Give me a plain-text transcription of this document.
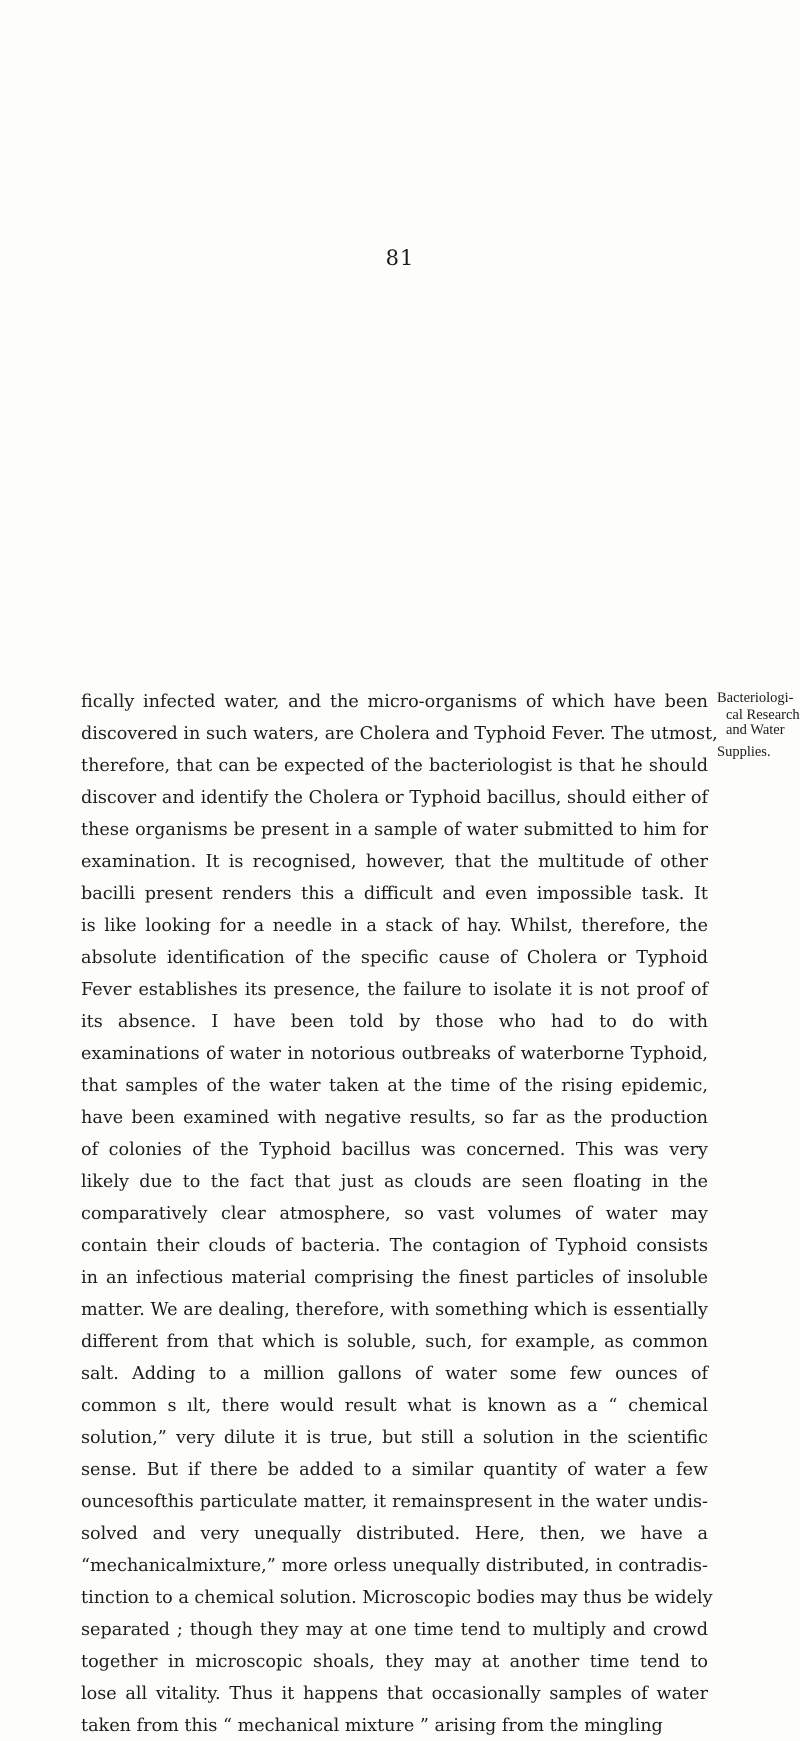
81
Bacteriologi-
cal Research
and Water
Supplies.
fically infected water, and the micro-organisms of which have been
discovered in such waters, are Cholera and Typhoid Fever. The utmost,
therefore, that can be expected of the bacteriologist is that he should
discover and identify the Cholera or Typhoid bacillus, should either of
these organisms be present in a sample of water submitted to him for
examination. It is recognised, however, that the multitude of other
bacilli present renders this a difficult and even impossible task. It
is like looking for a needle in a stack of hay. Whilst, therefore, the
absolute identification of the specific cause of Cholera or Typhoid
Fever establishes its presence, the failure to isolate it is not proof of
its absence. I have been told by those who had to do with
examinations of water in notorious outbreaks of waterborne Typhoid,
that samples of the water taken at the time of the rising epidemic,
have been examined with negative results, so far as the production
of colonies of the Typhoid bacillus was concerned. This was very
likely due to the fact that just as clouds are seen floating in the
comparatively clear atmosphere, so vast volumes of water may
contain their clouds of bacteria. The contagion of Typhoid consists
in an infectious material comprising the finest particles of insoluble
matter. We are dealing, therefore, with something which is essentially
different from that which is soluble, such, for example, as common
salt. Adding to a million gallons of water some few ounces of
common s ılt, there would result what is known as a “ chemical
solution,” very dilute it is true, but still a solution in the scientific
sense. But if there be added to a similar quantity of water a few
ouncesofthis particulate matter, it remainspresent in the water undis-
solved and very unequally distributed. Here, then, we have a
“mechanicalmixture,” more orless unequally distributed, in contradis-
tinction to a chemical solution. Microscopic bodies may thus be widely
separated ; though they may at one time tend to multiply and crowd
together in microscopic shoals, they may at another time tend to
lose all vitality. Thus it happens that occasionally samples of water
taken from this “ mechanical mixture ” arising from the mingling
